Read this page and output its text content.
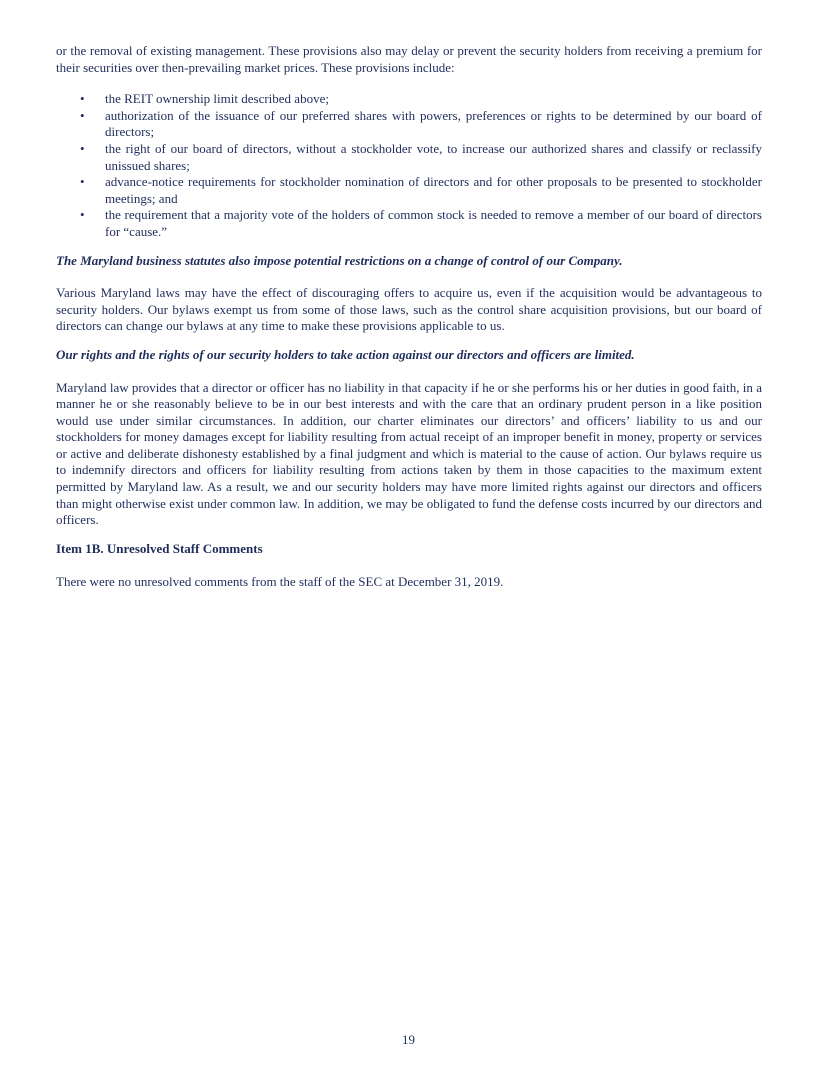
or the removal of existing management. These provisions also may delay or prevent the security holders from receiving a premium for their securities over then-prevailing market prices. These provisions include:

• the REIT ownership limit described above;
• authorization of the issuance of our preferred shares with powers, preferences or rights to be determined by our board of directors;
• the right of our board of directors, without a stockholder vote, to increase our authorized shares and classify or reclassify unissued shares;
• advance-notice requirements for stockholder nomination of directors and for other proposals to be presented to stockholder meetings; and
• the requirement that a majority vote of the holders of common stock is needed to remove a member of our board of directors for “cause.”

The Maryland business statutes also impose potential restrictions on a change of control of our Company.

Various Maryland laws may have the effect of discouraging offers to acquire us, even if the acquisition would be advantageous to security holders. Our bylaws exempt us from some of those laws, such as the control share acquisition provisions, but our board of directors can change our bylaws at any time to make these provisions applicable to us.

Our rights and the rights of our security holders to take action against our directors and officers are limited.

Maryland law provides that a director or officer has no liability in that capacity if he or she performs his or her duties in good faith, in a manner he or she reasonably believe to be in our best interests and with the care that an ordinary prudent person in a like position would use under similar circumstances. In addition, our charter eliminates our directors’ and officers’ liability to us and our stockholders for money damages except for liability resulting from actual receipt of an improper benefit in money, property or services or active and deliberate dishonesty established by a final judgment and which is material to the cause of action. Our bylaws require us to indemnify directors and officers for liability resulting from actions taken by them in those capacities to the maximum extent permitted by Maryland law. As a result, we and our security holders may have more limited rights against our directors and officers than might otherwise exist under common law. In addition, we may be obligated to fund the defense costs incurred by our directors and officers.

Item 1B. Unresolved Staff Comments

There were no unresolved comments from the staff of the SEC at December 31, 2019.

19
